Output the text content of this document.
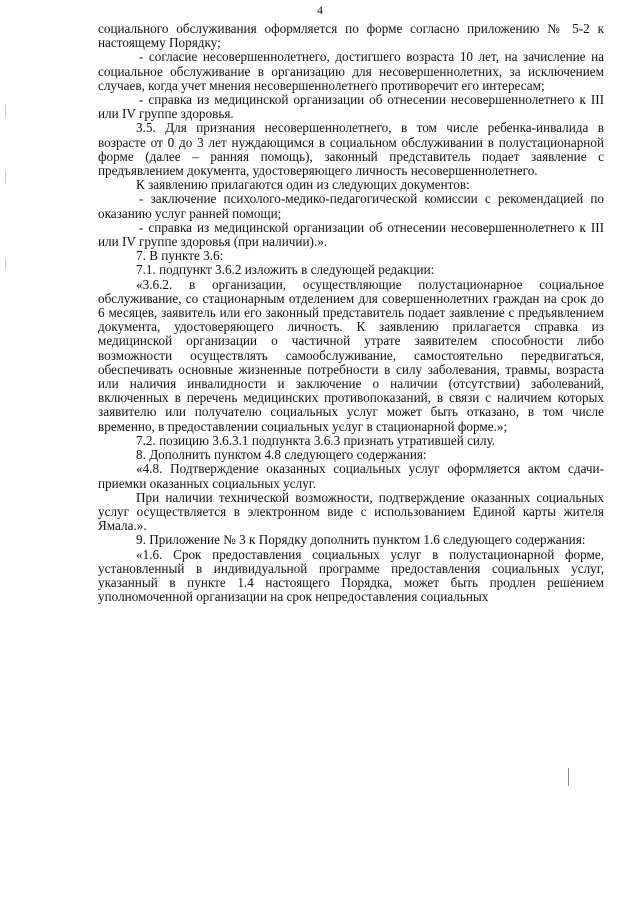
4

социального обслуживания оформляется по форме согласно приложению № 5-2 к настоящему Порядку;

- согласие несовершеннолетнего, достигшего возраста 10 лет, на зачисление на социальное обслуживание в организацию для несовершеннолетних, за исключением случаев, когда учет мнения несовершеннолетнего противоречит его интересам;

- справка из медицинской организации об отнесении несовершеннолетнего к III или IV группе здоровья.

3.5. Для признания несовершеннолетнего, в том числе ребенка-инвалида в возрасте от 0 до 3 лет нуждающимся в социальном обслуживании в полустационарной форме (далее – ранняя помощь), законный представитель подает заявление с предъявлением документа, удостоверяющего личность несовершеннолетнего.

К заявлению прилагаются один из следующих документов:

- заключение психолого-медико-педагогической комиссии с рекомендацией по оказанию услуг ранней помощи;

- справка из медицинской организации об отнесении несовершеннолетнего к III или IV группе здоровья (при наличии).».

7. В пункте 3.6:

7.1. подпункт 3.6.2 изложить в следующей редакции:

«3.6.2. в организации, осуществляющие полустационарное социальное обслуживание, со стационарным отделением для совершеннолетних граждан на срок до 6 месяцев, заявитель или его законный представитель подает заявление с предъявлением документа, удостоверяющего личность. К заявлению прилагается справка из медицинской организации о частичной утрате заявителем способности либо возможности осуществлять самообслуживание, самостоятельно передвигаться, обеспечивать основные жизненные потребности в силу заболевания, травмы, возраста или наличия инвалидности и заключение о наличии (отсутствии) заболеваний, включенных в перечень медицинских противопоказаний, в связи с наличием которых заявителю или получателю социальных услуг может быть отказано, в том числе временно, в предоставлении социальных услуг в стационарной форме.»;

7.2. позицию 3.6.3.1 подпункта 3.6.3 признать утратившей силу.

8. Дополнить пунктом 4.8 следующего содержания:

«4.8. Подтверждение оказанных социальных услуг оформляется актом сдачи-приемки оказанных социальных услуг.

При наличии технической возможности, подтверждение оказанных социальных услуг осуществляется в электронном виде с использованием Единой карты жителя Ямала.».

9. Приложение № 3 к Порядку дополнить пунктом 1.6 следующего содержания:

«1.6. Срок предоставления социальных услуг в полустационарной форме, установленный в индивидуальной программе предоставления социальных услуг, указанный в пункте 1.4 настоящего Порядка, может быть продлен решением уполномоченной организации на срок непредоставления социальных
